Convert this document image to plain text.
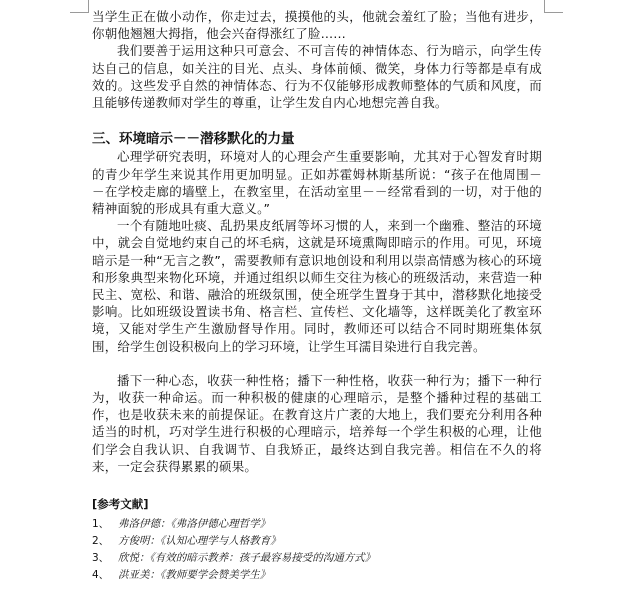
当学生正在做小动作，你走过去，摸摸他的头，他就会羞红了脸；当他有进步，你朝他翘翘大拇指，他会兴奋得涨红了脸……

我们要善于运用这种只可意会、不可言传的神情体态、行为暗示，向学生传达自己的信息，如关注的目光、点头、身体前倾、微笑，身体力行等都是卓有成效的。这些发乎自然的神情体态、行为不仅能够形成教师整体的气质和风度，而且能够传递教师对学生的尊重，让学生发自内心地想完善自我。

三、环境暗示－－潜移默化的力量

心理学研究表明，环境对人的心理会产生重要影响，尤其对于心智发育时期的青少年学生来说其作用更加明显。正如苏霍姆林斯基所说：“孩子在他周围－－在学校走廊的墙壁上，在教室里，在活动室里－－经常看到的一切，对于他的精神面貌的形成具有重大意义。”

一个有随地吐痰、乱扔果皮纸屑等坏习惯的人，来到一个幽雅、整洁的环境中，就会自觉地约束自己的坏毛病，这就是环境熏陶即暗示的作用。可见，环境暗示是一种“无言之教”，需要教师有意识地创设和利用以崇高情感为核心的环境和形象典型来物化环境，并通过组织以师生交往为核心的班级活动，来营造一种民主、宽松、和谐、融洽的班级氛围，使全班学生置身于其中，潜移默化地接受影响。比如班级设置读书角、格言栏、宣传栏、文化墙等，这样既美化了教室环境，又能对学生产生激励督导作用。同时，教师还可以结合不同时期班集体氛围，给学生创设积极向上的学习环境，让学生耳濡目染进行自我完善。

播下一种心态，收获一种性格；播下一种性格，收获一种行为；播下一种行为，收获一种命运。而一种积极的健康的心理暗示，是整个播种过程的基础工作，也是收获未来的前提保证。在教育这片广袤的大地上，我们要充分利用各种适当的时机，巧对学生进行积极的心理暗示，培养每一个学生积极的心理，让他们学会自我认识、自我调节、自我矫正，最终达到自我完善。相信在不久的将来，一定会获得累累的硕果。

[参考文献]
1、 弗洛伊德：《弗洛伊德心理哲学》
2、 方俊明：《认知心理学与人格教育》
3、 欣悦：《有效的暗示教养：孩子最容易接受的沟通方式》
4、 洪亚美：《教师要学会赞美学生》
